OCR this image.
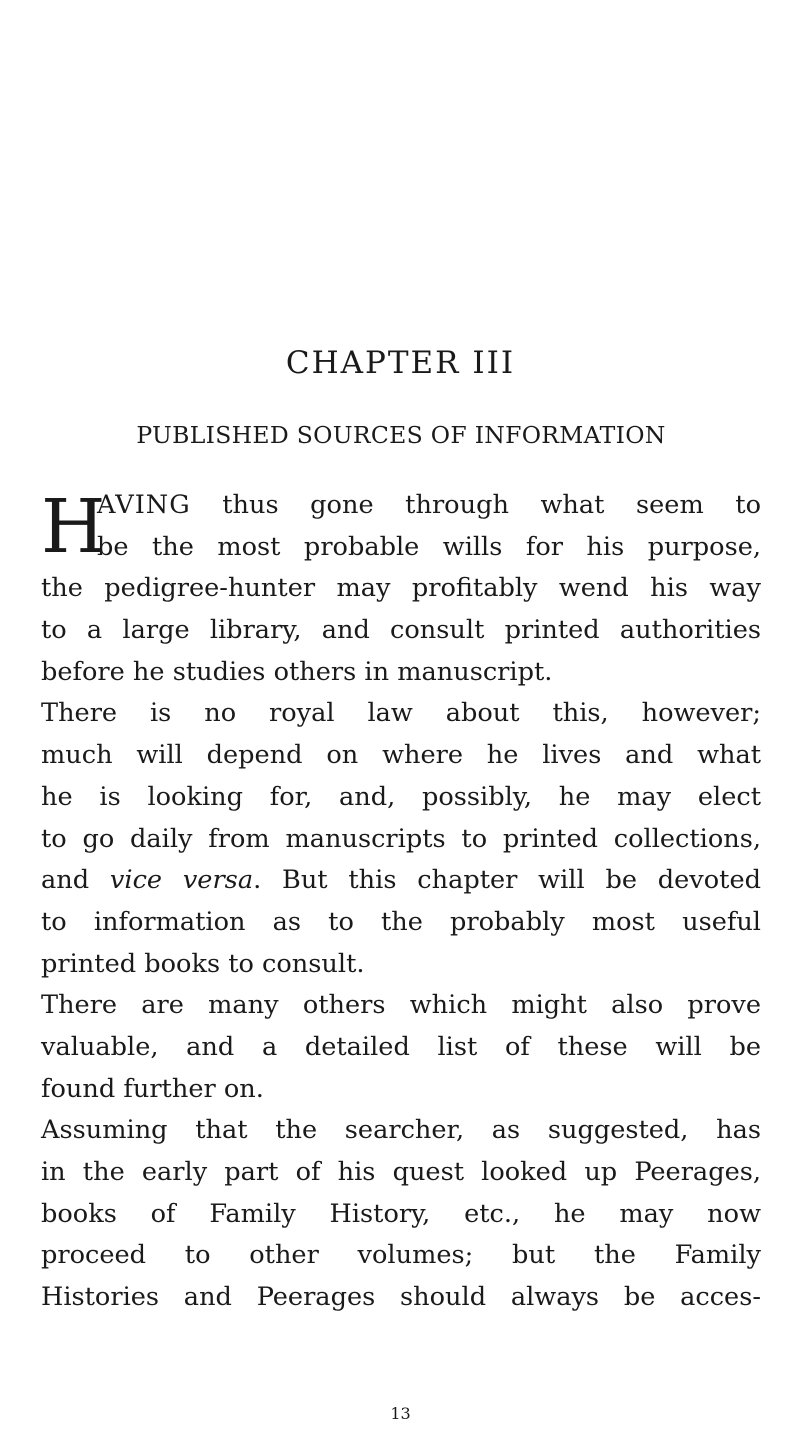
CHAPTER III
PUBLISHED SOURCES OF INFORMATION
H
AVING thus gone through what seem to
be the most probable wills for his purpose,
the pedigree-hunter may profitably wend his way
to a large library, and consult printed authorities
before he studies others in manuscript.
There is no royal law about this, however;
much will depend on where he lives and what
he is looking for, and, possibly, he may elect
to go daily from manuscripts to printed collections,
and vice versa. But this chapter will be devoted
to information as to the probably most useful
printed books to consult.
There are many others which might also prove
valuable, and a detailed list of these will be
found further on.
Assuming that the searcher, as suggested, has
in the early part of his quest looked up Peerages,
books of Family History, etc., he may now
proceed to other volumes; but the Family
Histories and Peerages should always be acces-
13
